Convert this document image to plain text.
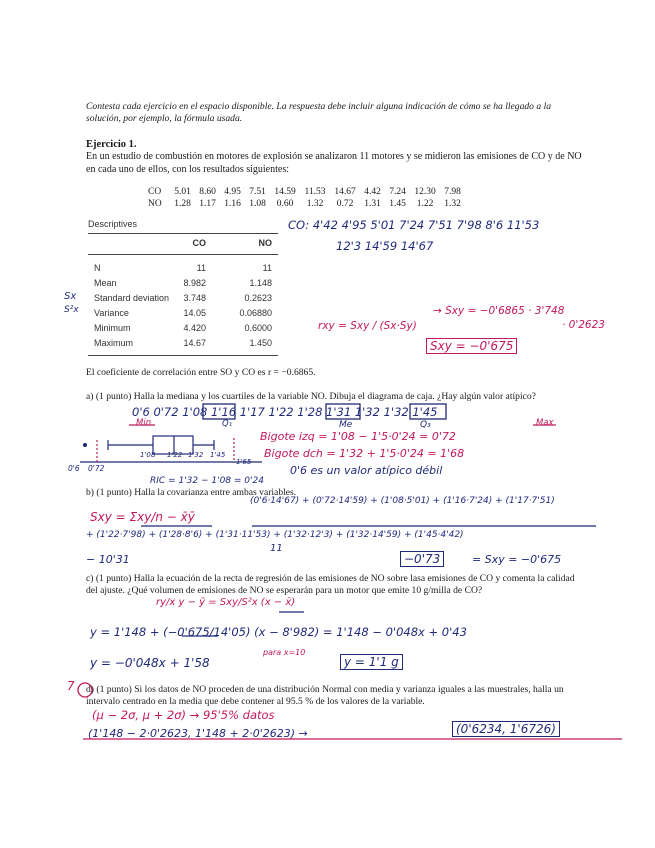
Contesta cada ejercicio en el espacio disponible. La respuesta debe incluir alguna indicación de cómo se ha llegado a la solución, por ejemplo, la fórmula usada.
Ejercicio 1.
En un estudio de combustión en motores de explosión se analizaron 11 motores y se midieron las emisiones de CO y de NO en cada uno de ellos, con los resultados siguientes:
CO	5.01	8.60	4.95	7.51	14.59	11.53	14.67	4.42	7.24	12.30	7.98
NO	1.28	1.17	1.16	1.08	0.60	1.32	0.72	1.31	1.45	1.22	1.32
Descriptives
CO	NO
N	11	11
Mean	8.982	1.148
Standard deviation 3.748	0.2623
Variance	14.05	0.06880
Minimum	4.420	0.6000
Maximum	14.67	1.450
Sx
S²x
CO: 4'42 4'95 5'01 7'24 7'51 7'98 8'6 11'53
12'3 14'59 14'67
rxy = Sxy / (Sx·Sy)
→ Sxy = −0'6865 · 3'748
· 0'2623
Sxy = −0'675
El coeficiente de correlación entre SO y CO es r = −0.6865.
a) (1 punto) Halla la mediana y los cuartiles de la variable NO. Dibuja el diagrama de caja. ¿Hay algún valor atípico?
0'6 0'72 1'08 1'16 1'17 1'22 1'28 1'31 1'32 1'32 1'45
Min	Q₁	Me	Q₃	Max
Bigote izq = 1'08 − 1'5·0'24 = 0'72
Bigote dch = 1'32 + 1'5·0'24 = 1'68
0'6 es un valor atípico débil
0'6 0'72
1'08 1'22 1'32 1'45
1'65
RIC = 1'32 − 1'08 = 0'24
b) (1 punto) Halla la covarianza entre ambas variables.
(0'6·14'67) + (0'72·14'59) + (1'08·5'01) + (1'16·7'24) + (1'17·7'51)
Sxy = Σxy/n − x̄ȳ
+ (1'22·7'98) + (1'28·8'6) + (1'31·11'53) + (1'32·12'3) + (1'32·14'59) + (1'45·4'42)
11
− 10'31	−0'73	= Sxy = −0'675
c) (1 punto) Halla la ecuación de la recta de regresión de las emisiones de NO sobre lasa emisiones de CO y comenta la calidad del ajuste. ¿Qué volumen de emisiones de NO se esperarán para un motor que emite 10 g/milla de CO?
ry/x y − ȳ = Sxy/S²x (x − x̄)
y = 1'148 + (−0'675/14'05) (x − 8'982) = 1'148 − 0'048x + 0'43
y = −0'048x + 1'58
para x=10
y = 1'1 g
7 d) (1 punto) Si los datos de NO proceden de una distribución Normal con media y varianza iguales a las muestrales, halla un intervalo centrado en la media que debe contener al 95.5 % de los valores de la variable.
(μ − 2σ, μ + 2σ) → 95'5% datos
(1'148 − 2·0'2623, 1'148 + 2·0'2623) →	(0'6234, 1'6726)
